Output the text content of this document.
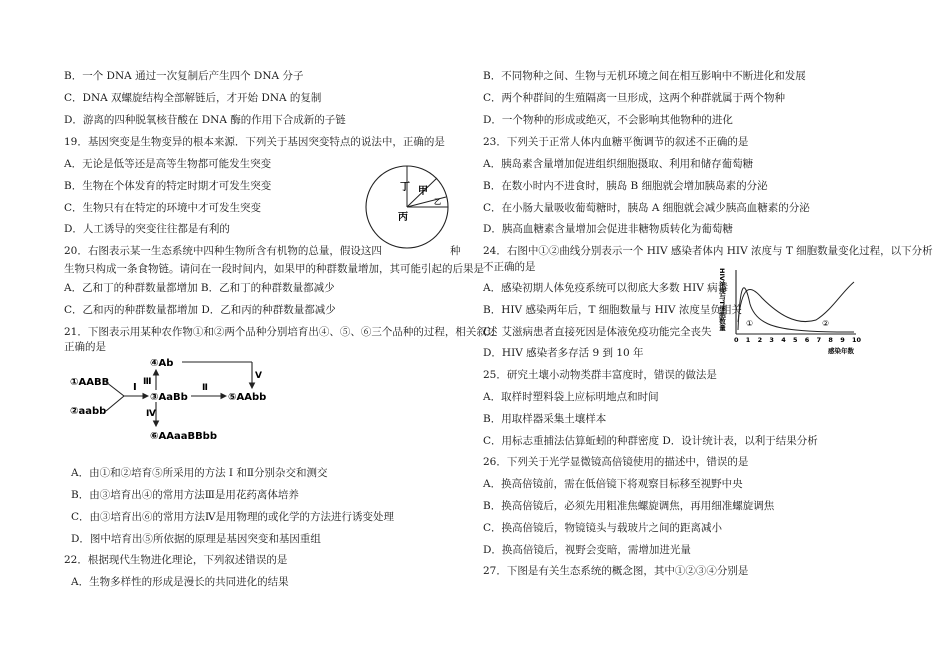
B．一个 DNA 通过一次复制后产生四个 DNA 分子
C．DNA 双螺旋结构全部解链后，才开始 DNA 的复制
D．游离的四种脱氧核苷酸在 DNA 酶的作用下合成新的子链
19．基因突变是生物变异的根本来源．下列关于基因突变特点的说法中，正确的是
A．无论是低等还是高等生物都可能发生突变
B．生物在个体发育的特定时期才可发生突变
C．生物只有在特定的环境中才可发生突变
D．人工诱导的突变往往都是有利的
20．右图表示某一生态系统中四种生物所含有机物的总量，假设这四	种
生物只构成一条食物链。请问在一段时间内，如果甲的种群数量增加，其可能引起的后果是
A．乙和丁的种群数量都增加 B．乙和丁的种群数量都减少
C．乙和丙的种群数量都增加 D．乙和丙的种群数量都减少
21．下图表示用某种农作物①和②两个品种分别培育出④、⑤、⑥三个品种的过程，相关叙述
正确的是
A．由①和②培育⑤所采用的方法 I 和Ⅱ分别杂交和测交
B．由③培育出④的常用方法Ⅲ是用花药离体培养
C．由③培育出⑥的常用方法Ⅳ是用物理的或化学的方法进行诱变处理
D．图中培育出⑤所依据的原理是基因突变和基因重组
22．根据现代生物进化理论，下列叙述错误的是
A．生物多样性的形成是漫长的共同进化的结果
丁 甲
乙
丙
①AABB
②aabb
I
③AaBb
④Ab
Ⅲ
V
Ⅱ
⑤AAbb
Ⅳ
⑥AAaaBBbb
B．不同物种之间、生物与无机环境之间在相互影响中不断进化和发展
C．两个种群间的生殖隔离一旦形成，这两个种群就属于两个物种
D．一个物种的形成或绝灭，不会影响其他物种的进化
23．下列关于正常人体内血糖平衡调节的叙述不正确的是
A．胰岛素含量增加促进组织细胞摄取、利用和储存葡萄糖
B．在数小时内不进食时，胰岛 B 细胞就会增加胰岛素的分泌
C．在小肠大量吸收葡萄糖时，胰岛 A 细胞就会减少胰高血糖素的分泌
D．胰高血糖素含量增加会促进非糖物质转化为葡萄糖
24．右图中①②曲线分别表示一个 HIV 感染者体内 HIV 浓度与 T 细胞数量变化过程，以下分析
不正确的是
A．感染初期人体免疫系统可以彻底大多数 HIV 病毒
B．HIV 感染两年后，T 细胞数量与 HIV 浓度呈负相关
C．艾滋病患者直接死因是体液免疫功能完全丧失
D．HIV 感染者多存活 9 到 10 年
25．研究土壤小动物类群丰富度时，错误的做法是
A．取样时塑料袋上应标明地点和时间
B．用取样器采集土壤样本
C．用标志重捕法估算蚯蚓的种群密度 D．设计统计表，以利于结果分析
26．下列关于光学显微镜高倍镜使用的描述中，错误的是
A．换高倍镜前，需在低倍镜下将观察目标移至视野中央
B．换高倍镜后，必须先用粗准焦螺旋调焦，再用细准螺旋调焦
C．换高倍镜后，物镜镜头与载玻片之间的距离减小
D．换高倍镜后，视野会变暗，需增加进光量
27．下图是有关生态系统的概念图，其中①②③④分别是
HIV浓度与T细胞数量
0 1 2 3 4 5 6 7 8 9 10
感染年数
①	②
